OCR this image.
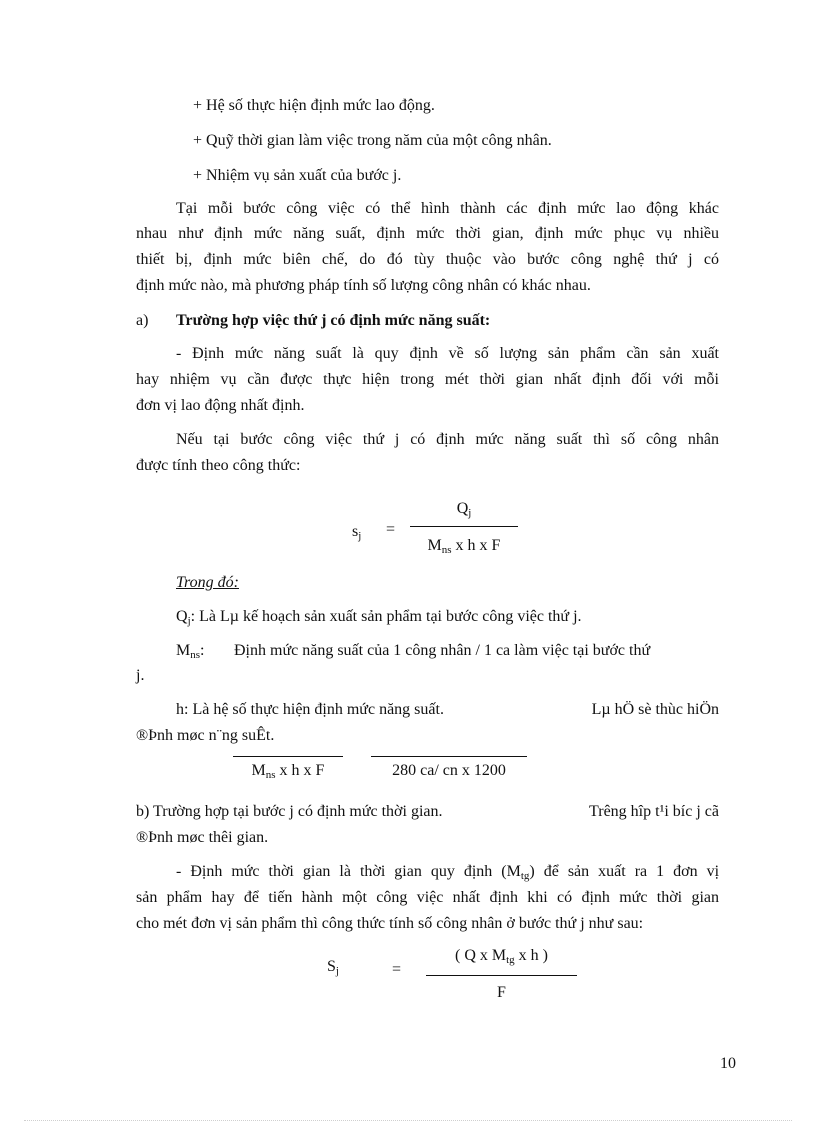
+ Hệ số thực hiện định mức lao động.
+ Quỹ thời gian làm việc trong năm của một công nhân.
+ Nhiệm vụ sản xuất của bước j.
Tại mỗi bước công việc có thể hình thành các định mức lao động khác
nhau như định mức năng suất, định mức thời gian, định mức phục vụ nhiều
thiết bị, định mức biên chế, do đó tùy thuộc vào bước công nghệ thứ j có
định mức nào, mà phương pháp tính số lượng công nhân có khác nhau.
a) Trường hợp việc thứ j có định mức năng suất:
- Định mức năng suất là quy định về số lượng sản phẩm cần sản xuất
hay nhiệm vụ cần được thực hiện trong mét thời gian nhất định đối với mỗi
đơn vị lao động nhất định.
Nếu tại bước công việc thứ j có định mức năng suất thì số công nhân
được tính theo công thức:
$s_j$ =
$Q_j$
$M_{ns}$ x h x F
Trong đó:
$Q_j$: Là Lµ kế hoạch sản xuất sản phẩm tại bước công việc thứ j.
$M_{ns}$: Định mức năng suất của 1 công nhân / 1 ca làm việc tại bước thứ
j.
h: Là hệ số thực hiện định mức năng suất.	Lµ hÖ sè thùc hiÖn
®Þnh møc n¨ng suÊt.
$M_{ns}$ x h x F	280 ca/ cn x 1200
b) Trường hợp tại bước j có định mức thời gian.	Trêng hîp t¹i bíc j cã
®Þnh møc thêi gian.
- Định mức thời gian là thời gian quy định $(M_{tg})$ để sản xuất ra 1 đơn vị
sản phẩm hay để tiến hành một công việc nhất định khi có định mức thời gian
cho mét đơn vị sản phẩm thì công thức tính số công nhân ở bước thứ j như sau:
$S_j$	=
( Q x $M_{tg}$ x h )
F
10
